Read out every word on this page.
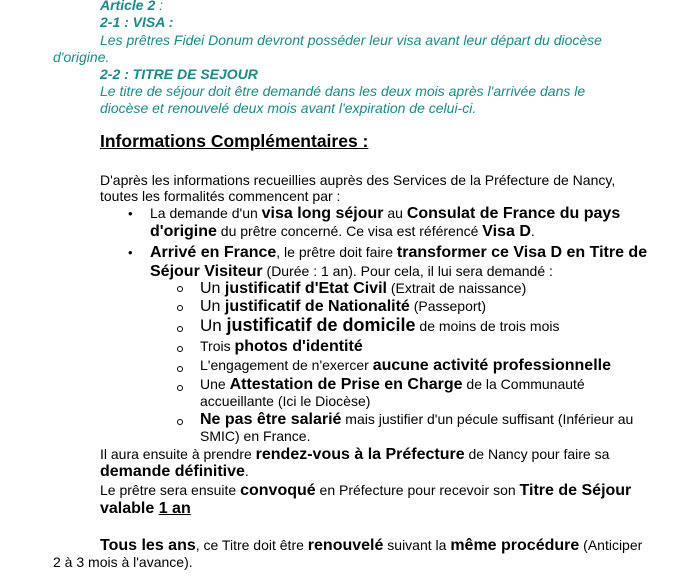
Article 2 :
2-1 : VISA :
Les prêtres Fidei Donum devront posséder leur visa avant leur départ du diocèse
d'origine.
2-2 : TITRE DE SEJOUR
Le titre de séjour doit être demandé dans les deux mois après l'arrivée dans le
diocèse et renouvelé deux mois avant l'expiration de celui-ci.
Informations Complémentaires :
D'après les informations recueillies auprès des Services de la Préfecture de Nancy,
toutes les formalités commencent par :
• La demande d'un visa long séjour au Consulat de France du pays
d'origine du prêtre concerné. Ce visa est référencé Visa D.
• Arrivé en France, le prêtre doit faire transformer ce Visa D en Titre de
Séjour Visiteur (Durée : 1 an). Pour cela, il lui sera demandé :
Un justificatif d'Etat Civil (Extrait de naissance)
Un justificatif de Nationalité (Passeport)
Un justificatif de domicile de moins de trois mois
Trois photos d'identité
L'engagement de n'exercer aucune activité professionnelle
Une Attestation de Prise en Charge de la Communauté
accueillante (Ici le Diocèse)
Ne pas être salarié mais justifier d'un pécule suffisant (Inférieur au
SMIC) en France.
Il aura ensuite à prendre rendez-vous à la Préfecture de Nancy pour faire sa
demande définitive.
Le prêtre sera ensuite convoqué en Préfecture pour recevoir son Titre de Séjour
valable 1 an
Tous les ans, ce Titre doit être renouvelé suivant la même procédure (Anticiper
2 à 3 mois à l'avance).
